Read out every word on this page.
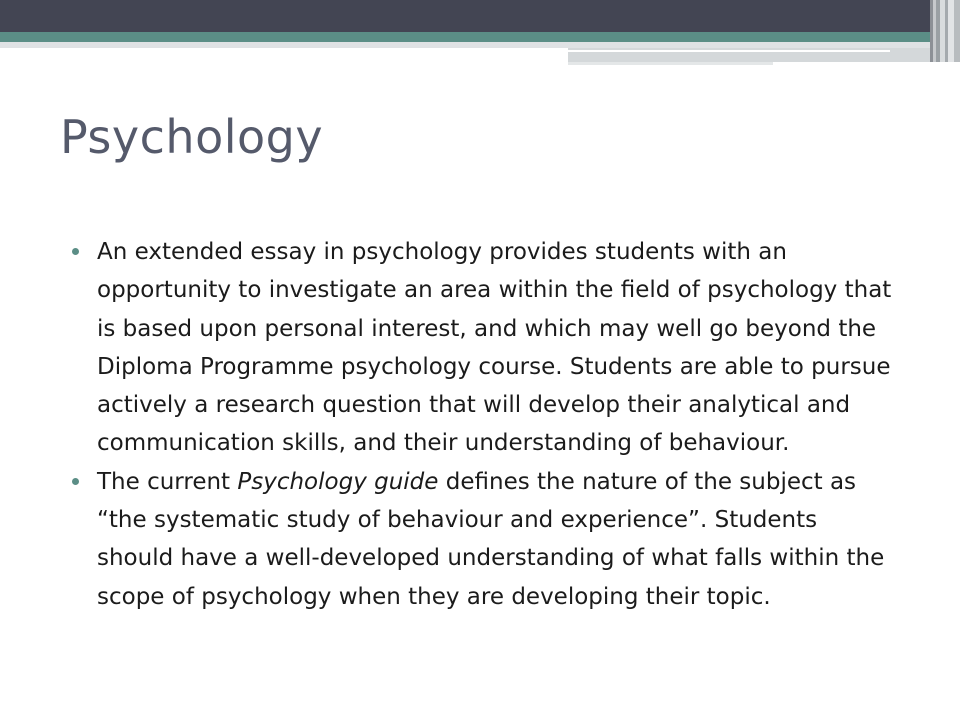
Psychology
An extended essay in psychology provides students with an opportunity to investigate an area within the field of psychology that is based upon personal interest, and which may well go beyond the Diploma Programme psychology course. Students are able to pursue actively a research question that will develop their analytical and communication skills, and their understanding of behaviour.
The current Psychology guide defines the nature of the subject as “the systematic study of behaviour and experience”. Students should have a well-developed understanding of what falls within the scope of psychology when they are developing their topic.
